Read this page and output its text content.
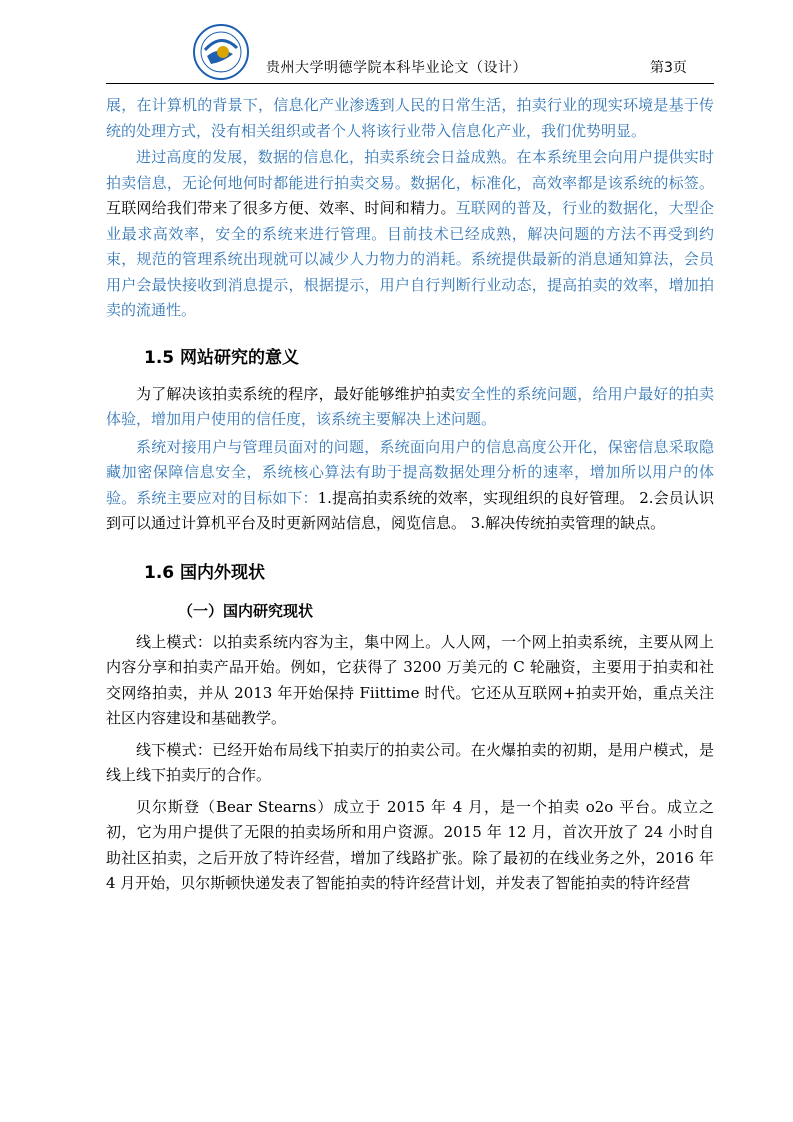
·····	贵州大学明德学院本科毕业论文（设计）	第3页

展，在计算机的背景下，信息化产业渗透到人民的日常生活，拍卖行业的现实环境是基于传统的处理方式，没有相关组织或者个人将该行业带入信息化产业，我们优势明显。

进过高度的发展，数据的信息化，拍卖系统会日益成熟。在本系统里会向用户提供实时拍卖信息，无论何地何时都能进行拍卖交易。数据化，标准化，高效率都是该系统的标签。互联网给我们带来了很多方便、效率、时间和精力。互联网的普及，行业的数据化，大型企业最求高效率，安全的系统来进行管理。目前技术已经成熟，解决问题的方法不再受到约束，规范的管理系统出现就可以减少人力物力的消耗。系统提供最新的消息通知算法，会员用户会最快接收到消息提示，根据提示，用户自行判断行业动态，提高拍卖的效率，增加拍卖的流通性。

1.5 网站研究的意义

为了解决该拍卖系统的程序，最好能够维护拍卖安全性的系统问题，给用户最好的拍卖体验，增加用户使用的信任度，该系统主要解决上述问题。

系统对接用户与管理员面对的问题，系统面向用户的信息高度公开化，保密信息采取隐藏加密保障信息安全，系统核心算法有助于提高数据处理分析的速率，增加所以用户的体验。系统主要应对的目标如下：1.提高拍卖系统的效率，实现组织的良好管理。 2.会员认识到可以通过计算机平台及时更新网站信息，阅览信息。 3.解决传统拍卖管理的缺点。

1.6 国内外现状
（一）国内研究现状

线上模式：以拍卖系统内容为主，集中网上。人人网，一个网上拍卖系统，主要从网上内容分享和拍卖产品开始。例如，它获得了 3200 万美元的 C 轮融资，主要用于拍卖和社交网络拍卖，并从 2013 年开始保持 Fiittime 时代。它还从互联网+拍卖开始，重点关注社区内容建设和基础教学。

线下模式：已经开始布局线下拍卖厅的拍卖公司。在火爆拍卖的初期，是用户模式，是线上线下拍卖厅的合作。

贝尔斯登（Bear Stearns）成立于 2015 年 4 月，是一个拍卖 o2o 平台。成立之初，它为用户提供了无限的拍卖场所和用户资源。2015 年 12 月，首次开放了 24 小时自助社区拍卖，之后开放了特许经营，增加了线路扩张。除了最初的在线业务之外，2016 年 4 月开始，贝尔斯顿快递发表了智能拍卖的特许经营计划，并发表了智能拍卖的特许经营
